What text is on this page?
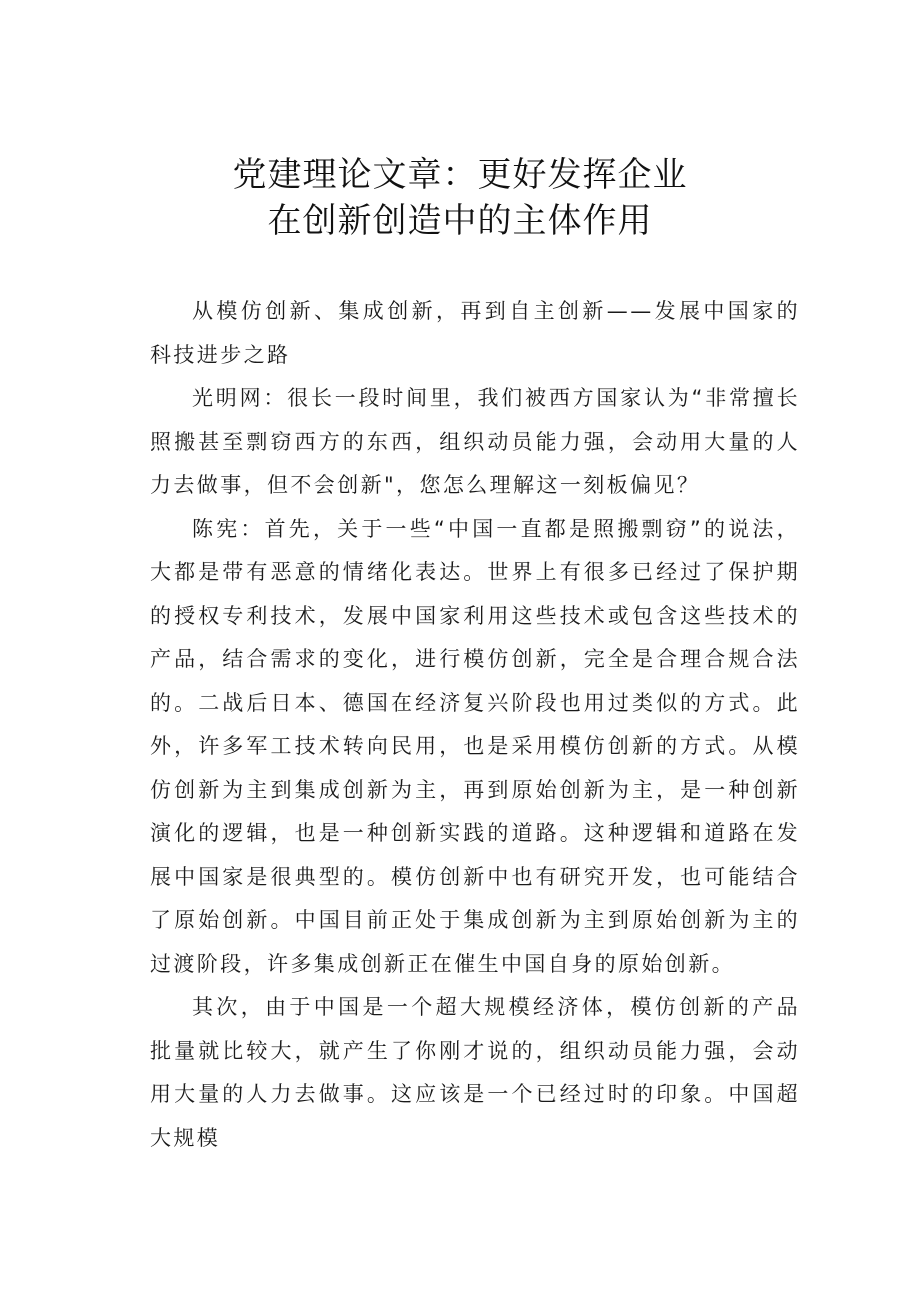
党建理论文章：更好发挥企业
在创新创造中的主体作用

从模仿创新、集成创新，再到自主创新——发展中国家的科技进步之路

光明网：很长一段时间里，我们被西方国家认为“非常擅长照搬甚至剽窃西方的东西，组织动员能力强，会动用大量的人力去做事，但不会创新"，您怎么理解这一刻板偏见？

陈宪：首先，关于一些“中国一直都是照搬剽窃”的说法，大都是带有恶意的情绪化表达。世界上有很多已经过了保护期的授权专利技术，发展中国家利用这些技术或包含这些技术的产品，结合需求的变化，进行模仿创新，完全是合理合规合法的。二战后日本、德国在经济复兴阶段也用过类似的方式。此外，许多军工技术转向民用，也是采用模仿创新的方式。从模仿创新为主到集成创新为主，再到原始创新为主，是一种创新演化的逻辑，也是一种创新实践的道路。这种逻辑和道路在发展中国家是很典型的。模仿创新中也有研究开发，也可能结合了原始创新。中国目前正处于集成创新为主到原始创新为主的过渡阶段，许多集成创新正在催生中国自身的原始创新。

其次，由于中国是一个超大规模经济体，模仿创新的产品批量就比较大，就产生了你刚才说的，组织动员能力强，会动用大量的人力去做事。这应该是一个已经过时的印象。中国超大规模
